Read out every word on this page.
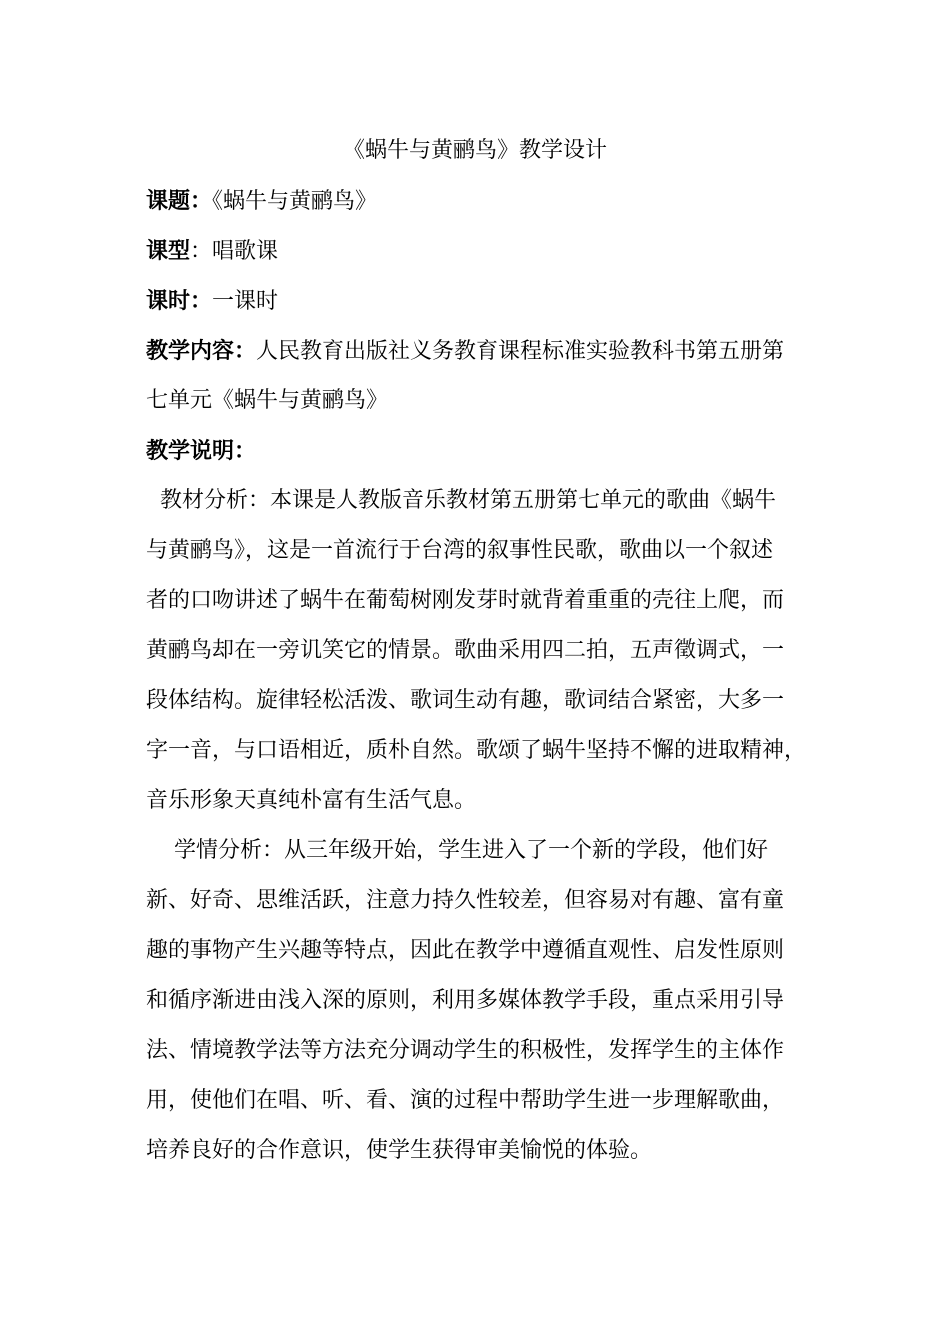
《蜗牛与黄鹂鸟》教学设计
课题：《蜗牛与黄鹂鸟》
课型：唱歌课
课时：一课时
教学内容：人民教育出版社义务教育课程标准实验教科书第五册第
七单元《蜗牛与黄鹂鸟》
教学说明：
教材分析：本课是人教版音乐教材第五册第七单元的歌曲《蜗牛
与黄鹂鸟》，这是一首流行于台湾的叙事性民歌，歌曲以一个叙述
者的口吻讲述了蜗牛在葡萄树刚发芽时就背着重重的壳往上爬，而
黄鹂鸟却在一旁讥笑它的情景。歌曲采用四二拍，五声徵调式，一
段体结构。旋律轻松活泼、歌词生动有趣，歌词结合紧密，大多一
字一音，与口语相近，质朴自然。歌颂了蜗牛坚持不懈的进取精神，
音乐形象天真纯朴富有生活气息。
学情分析：从三年级开始，学生进入了一个新的学段，他们好
新、好奇、思维活跃，注意力持久性较差，但容易对有趣、富有童
趣的事物产生兴趣等特点，因此在教学中遵循直观性、启发性原则
和循序渐进由浅入深的原则，利用多媒体教学手段，重点采用引导
法、情境教学法等方法充分调动学生的积极性，发挥学生的主体作
用，使他们在唱、听、看、演的过程中帮助学生进一步理解歌曲，
培养良好的合作意识，使学生获得审美愉悦的体验。
